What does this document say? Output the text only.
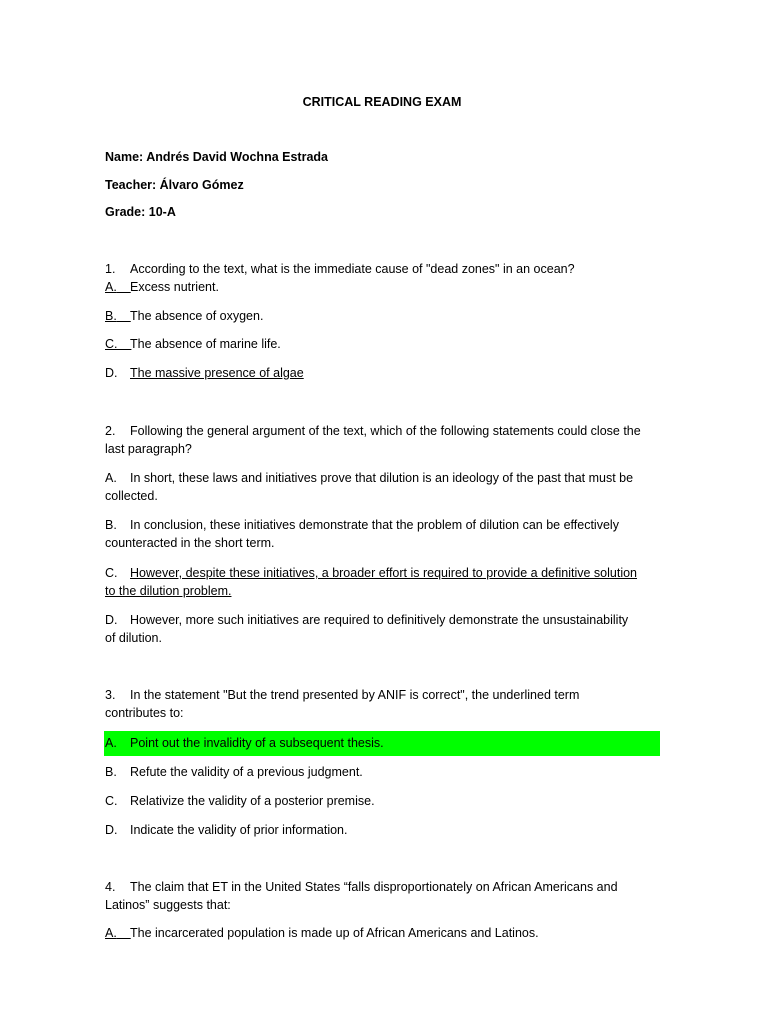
CRITICAL READING EXAM
Name: Andrés David Wochna Estrada
Teacher: Álvaro Gómez
Grade: 10-A
1. According to the text, what is the immediate cause of "dead zones" in an ocean?
A. Excess nutrient.
B. The absence of oxygen.
C. The absence of marine life.
D. The massive presence of algae
2. Following the general argument of the text, which of the following statements could close the
last paragraph?
A. In short, these laws and initiatives prove that dilution is an ideology of the past that must be
collected.
B. In conclusion, these initiatives demonstrate that the problem of dilution can be effectively
counteracted in the short term.
C. However, despite these initiatives, a broader effort is required to provide a definitive solution
to the dilution problem.
D. However, more such initiatives are required to definitively demonstrate the unsustainability
of dilution.
3. In the statement "But the trend presented by ANIF is correct", the underlined term
contributes to:
A. Point out the invalidity of a subsequent thesis.
B. Refute the validity of a previous judgment.
C. Relativize the validity of a posterior premise.
D. Indicate the validity of prior information.
4. The claim that ET in the United States “falls disproportionately on African Americans and
Latinos” suggests that:
A. The incarcerated population is made up of African Americans and Latinos.
